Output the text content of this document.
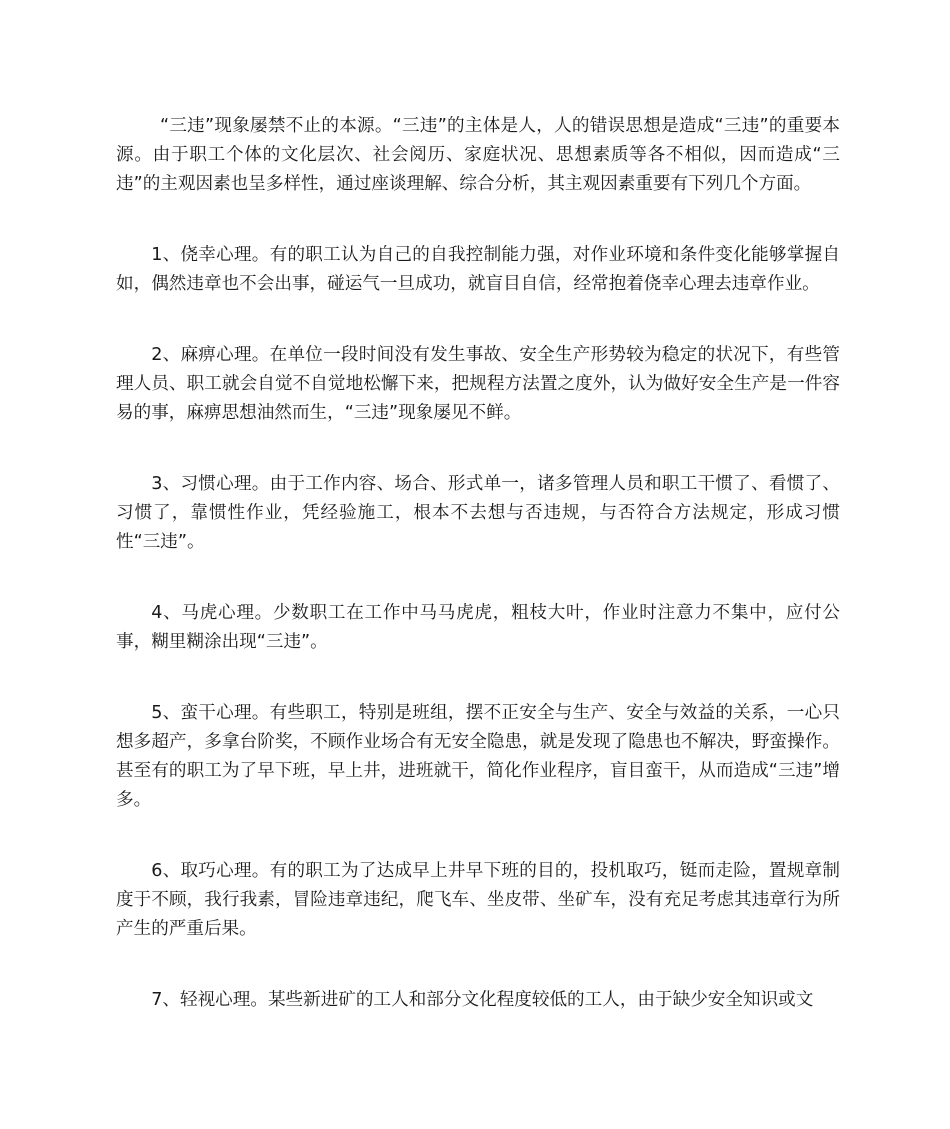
“三违”现象屡禁不止的本源。“三违”的主体是人，人的错误思想是造成“三违”的重要本源。由于职工个体的文化层次、社会阅历、家庭状况、思想素质等各不相似，因而造成“三违”的主观因素也呈多样性，通过座谈理解、综合分析，其主观因素重要有下列几个方面。

1、侥幸心理。有的职工认为自己的自我控制能力强，对作业环境和条件变化能够掌握自如，偶然违章也不会出事，碰运气一旦成功，就盲目自信，经常抱着侥幸心理去违章作业。

2、麻痹心理。在单位一段时间没有发生事故、安全生产形势较为稳定的状况下，有些管理人员、职工就会自觉不自觉地松懈下来，把规程方法置之度外，认为做好安全生产是一件容易的事，麻痹思想油然而生，“三违”现象屡见不鲜。

3、习惯心理。由于工作内容、场合、形式单一，诸多管理人员和职工干惯了、看惯了、习惯了，靠惯性作业，凭经验施工，根本不去想与否违规，与否符合方法规定，形成习惯性“三违”。

4、马虎心理。少数职工在工作中马马虎虎，粗枝大叶，作业时注意力不集中，应付公事，糊里糊涂出现“三违”。

5、蛮干心理。有些职工，特别是班组，摆不正安全与生产、安全与效益的关系，一心只想多超产，多拿台阶奖，不顾作业场合有无安全隐患，就是发现了隐患也不解决，野蛮操作。甚至有的职工为了早下班，早上井，进班就干，简化作业程序，盲目蛮干，从而造成“三违”增多。

6、取巧心理。有的职工为了达成早上井早下班的目的，投机取巧，铤而走险，置规章制度于不顾，我行我素，冒险违章违纪，爬飞车、坐皮带、坐矿车，没有充足考虑其违章行为所产生的严重后果。

7、轻视心理。某些新进矿的工人和部分文化程度较低的工人，由于缺少安全知识或文
